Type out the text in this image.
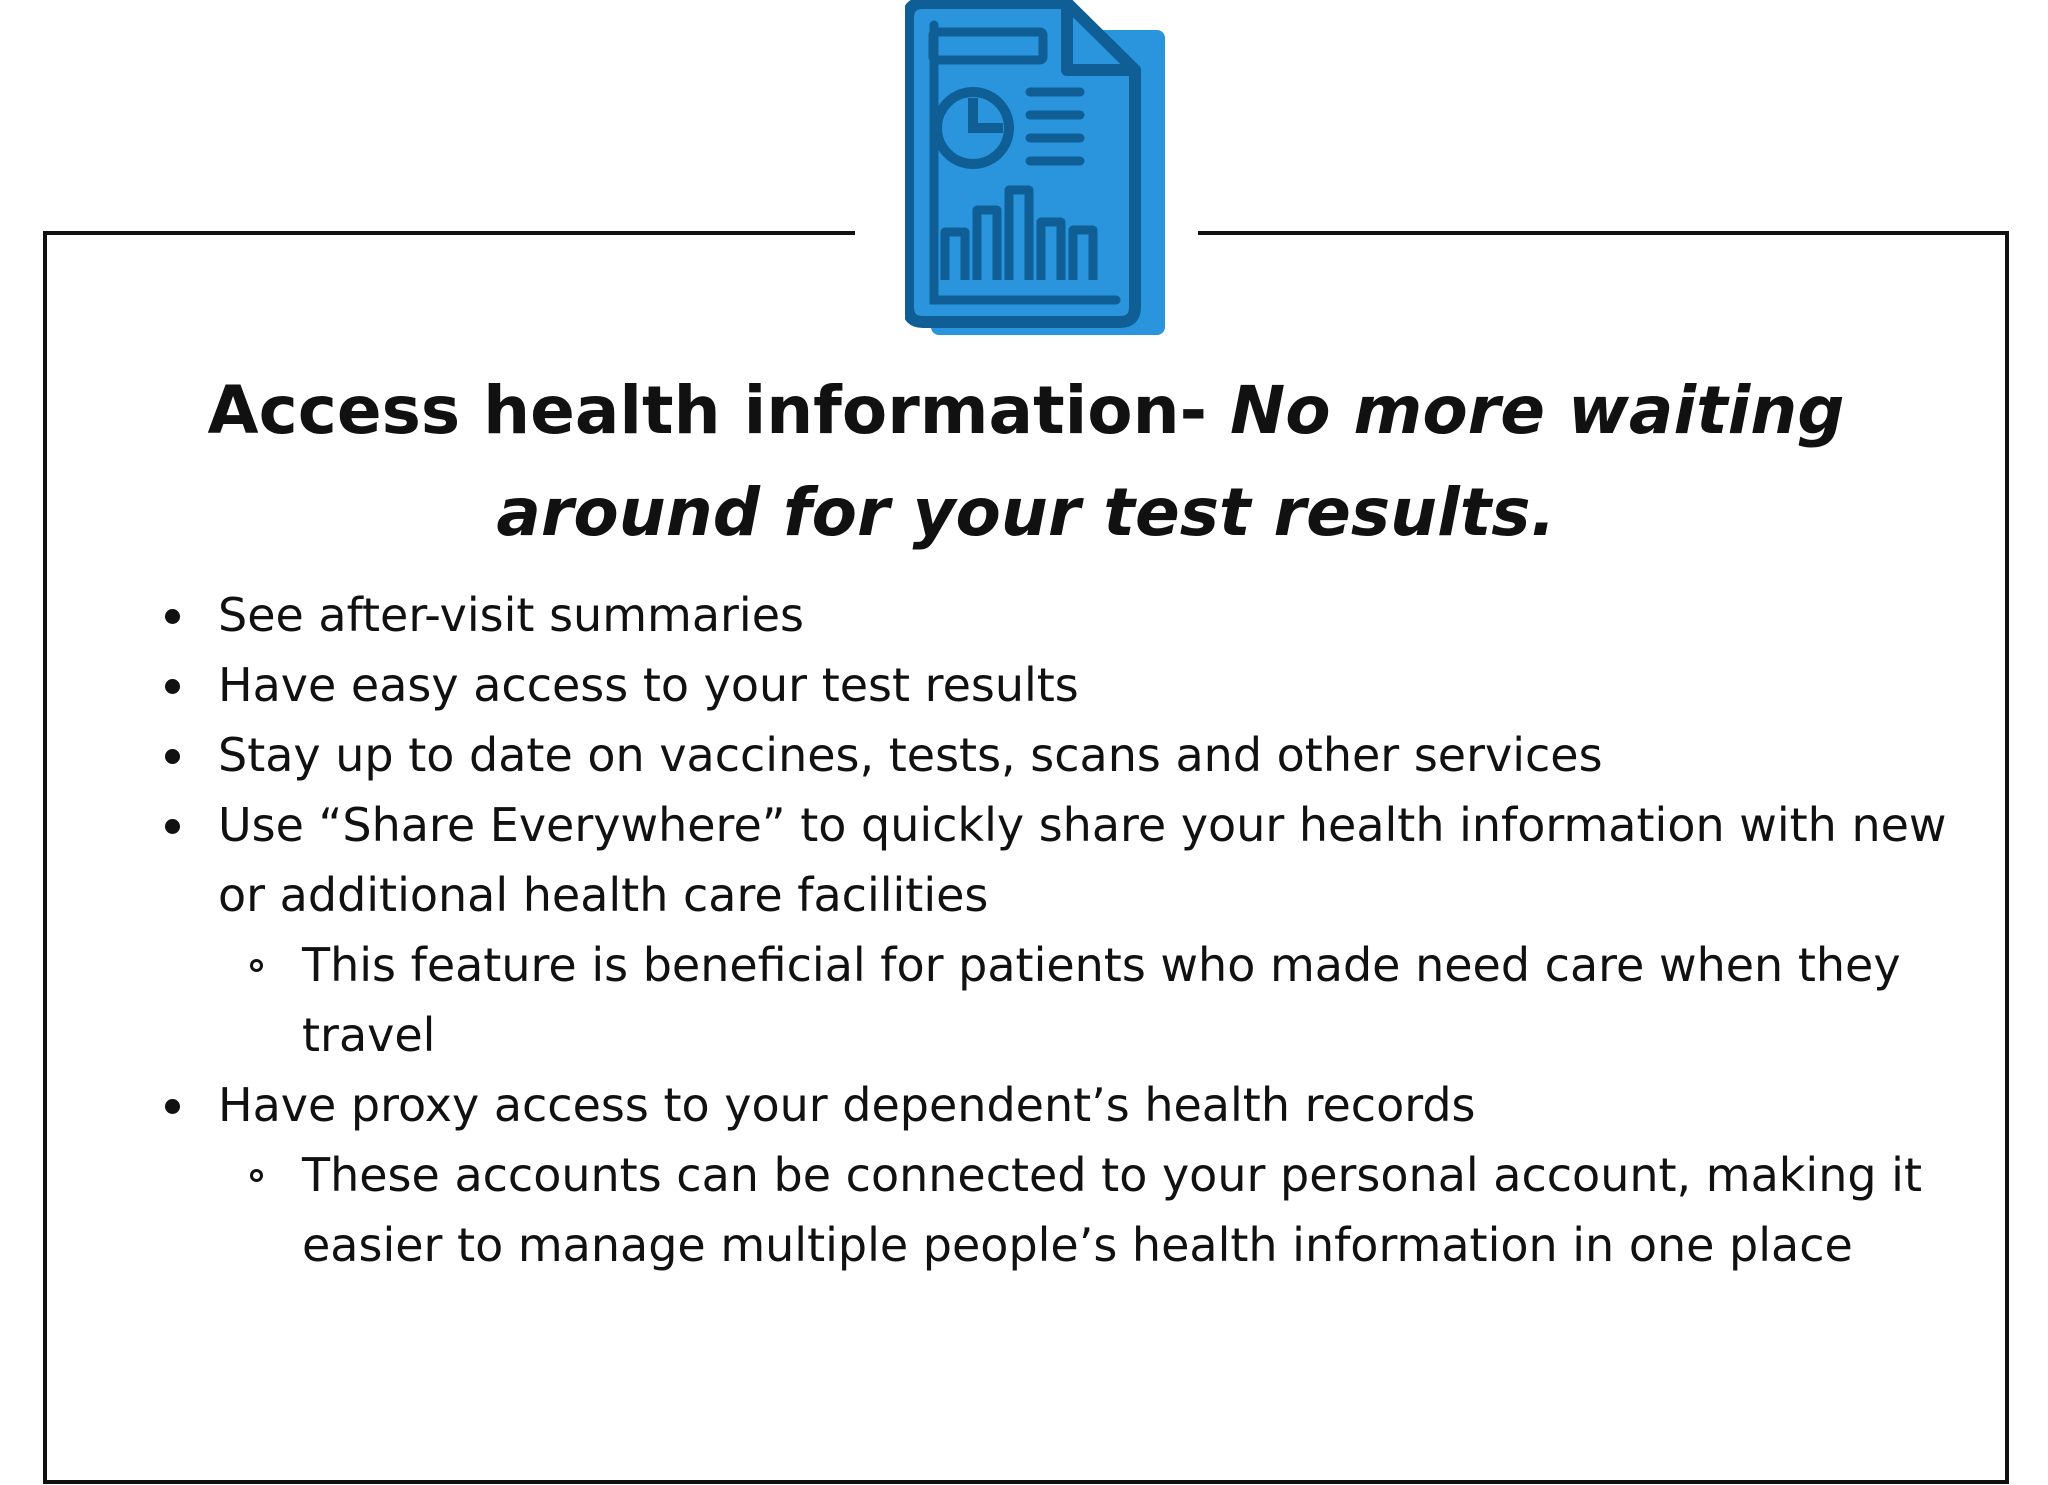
Access health information- No more waiting around for your test results.
See after-visit summaries
Have easy access to your test results
Stay up to date on vaccines, tests, scans and other services
Use “Share Everywhere” to quickly share your health information with new or additional health care facilities
This feature is beneficial for patients who made need care when they travel
Have proxy access to your dependent’s health records
These accounts can be connected to your personal account, making it easier to manage multiple people’s health information in one place
